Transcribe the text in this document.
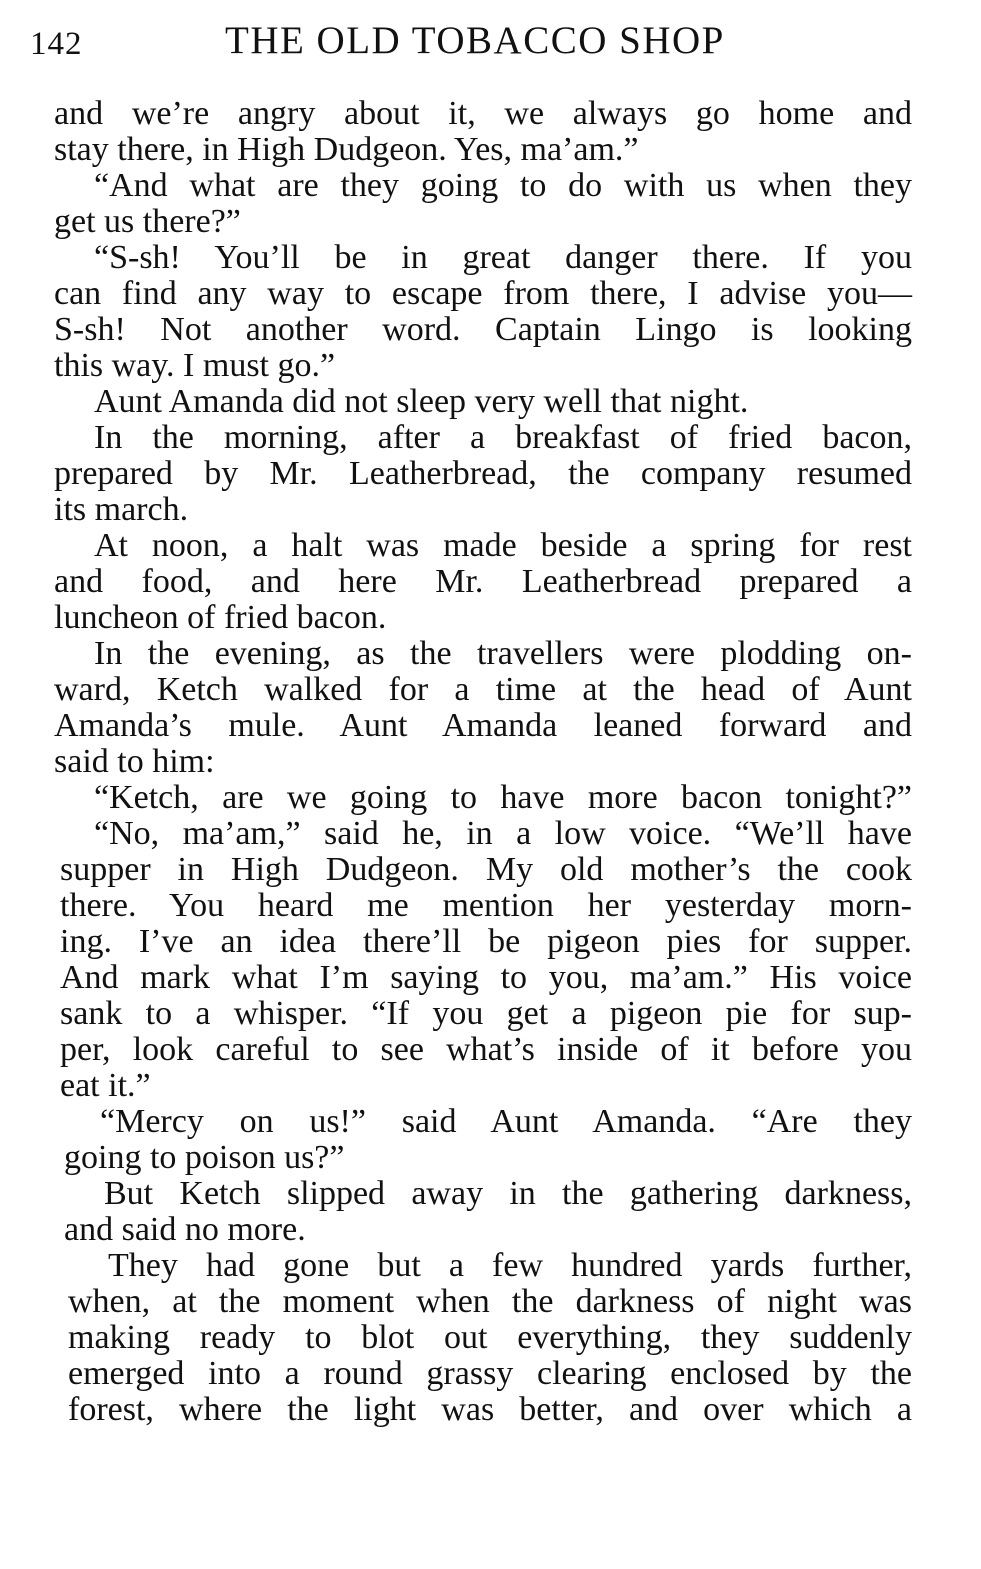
142	THE OLD TOBACCO SHOP
and we’re angry about it, we always go home and
stay there, in High Dudgeon. Yes, ma’am.”
“And what are they going to do with us when they
get us there?”
“S-sh! You’ll be in great danger there. If you
can find any way to escape from there, I advise you—
S-sh! Not another word. Captain Lingo is looking
this way. I must go.”
Aunt Amanda did not sleep very well that night.
In the morning, after a breakfast of fried bacon,
prepared by Mr. Leatherbread, the company resumed
its march.
At noon, a halt was made beside a spring for rest
and food, and here Mr. Leatherbread prepared a
luncheon of fried bacon.
In the evening, as the travellers were plodding on-
ward, Ketch walked for a time at the head of Aunt
Amanda’s mule. Aunt Amanda leaned forward and
said to him:
“Ketch, are we going to have more bacon tonight?”
“No, ma’am,” said he, in a low voice. “We’ll have
supper in High Dudgeon. My old mother’s the cook
there. You heard me mention her yesterday morn-
ing. I’ve an idea there’ll be pigeon pies for supper.
And mark what I’m saying to you, ma’am.” His voice
sank to a whisper. “If you get a pigeon pie for sup-
per, look careful to see what’s inside of it before you
eat it.”
“Mercy on us!” said Aunt Amanda. “Are they
going to poison us?”
But Ketch slipped away in the gathering darkness,
and said no more.
They had gone but a few hundred yards further,
when, at the moment when the darkness of night was
making ready to blot out everything, they suddenly
emerged into a round grassy clearing enclosed by the
forest, where the light was better, and over which a
